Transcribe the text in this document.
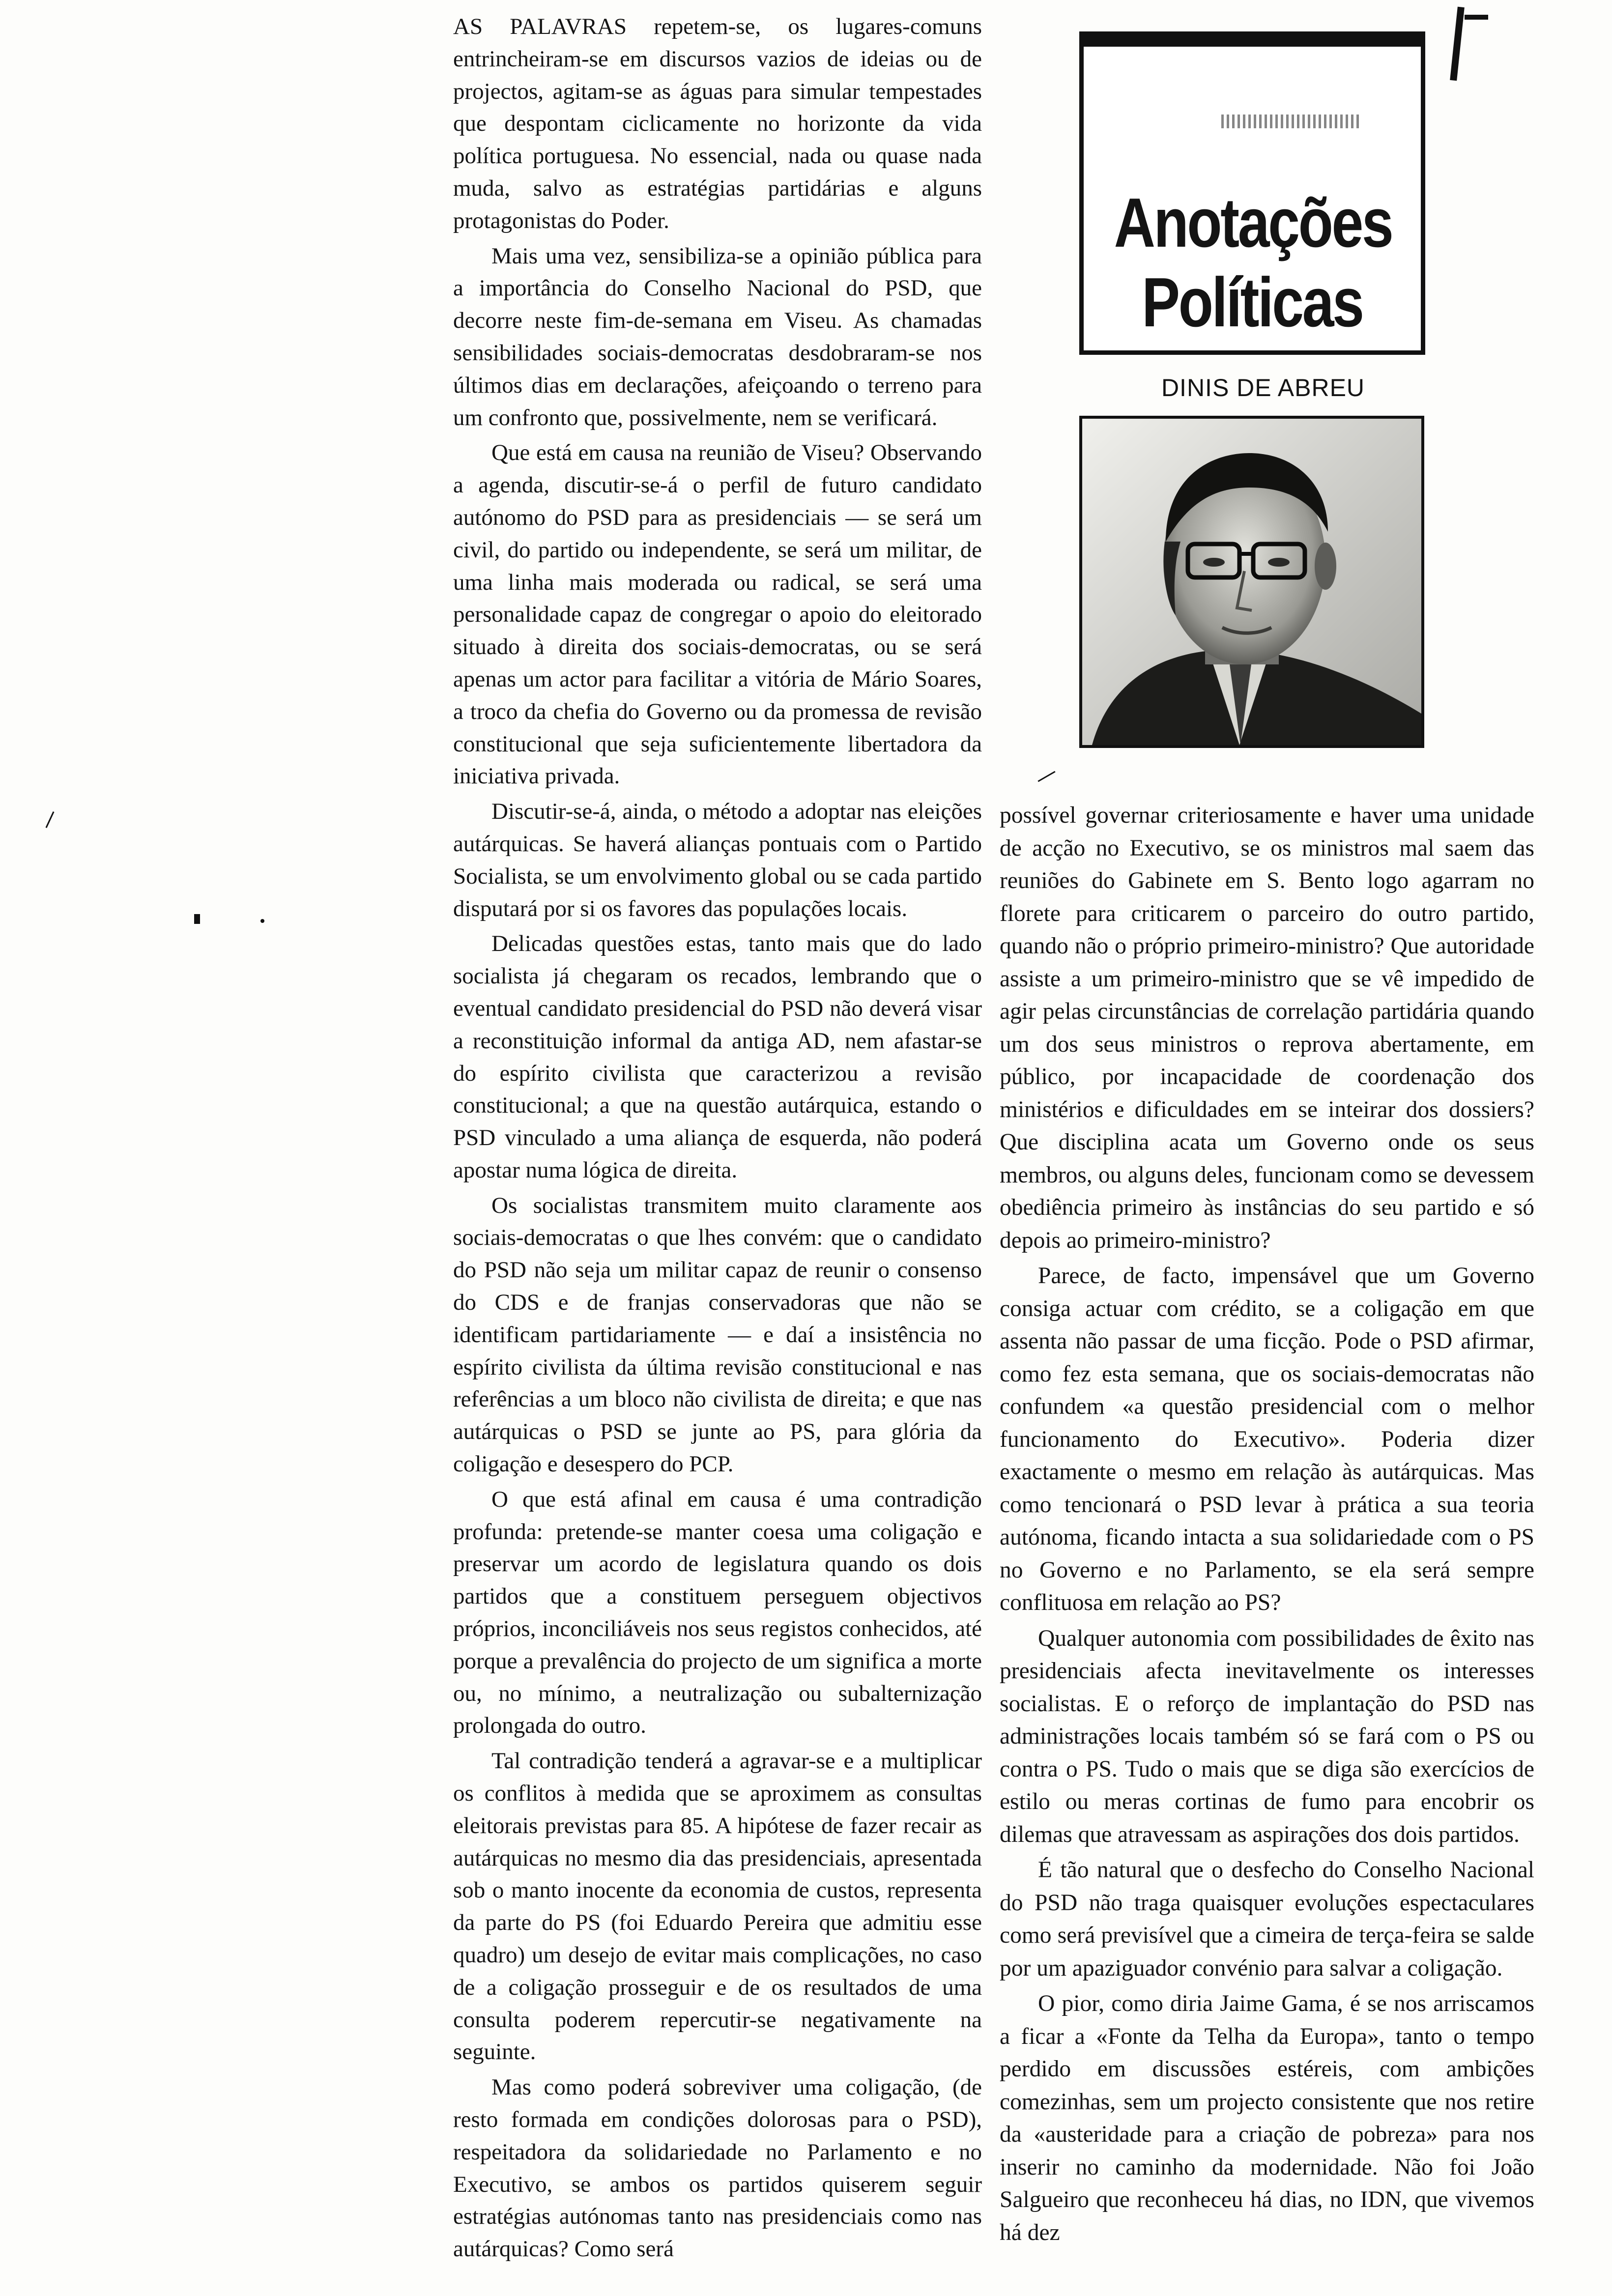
AS PALAVRAS repetem-se, os lugares-comuns entrincheiram-se em discursos vazios de ideias ou de projectos, agitam-se as águas para simular tempestades que despontam ciclicamente no horizonte da vida política portuguesa. No essencial, nada ou quase nada muda, salvo as estratégias partidárias e alguns protagonistas do Poder.

Mais uma vez, sensibiliza-se a opinião pública para a importância do Conselho Nacional do PSD, que decorre neste fim-de-semana em Viseu. As chamadas sensibilidades sociais-democratas desdobraram-se nos últimos dias em declarações, afeiçoando o terreno para um confronto que, possivelmente, nem se verificará.

Que está em causa na reunião de Viseu? Observando a agenda, discutir-se-á o perfil de futuro candidato autónomo do PSD para as presidenciais — se será um civil, do partido ou independente, se será um militar, de uma linha mais moderada ou radical, se será uma personalidade capaz de congregar o apoio do eleitorado situado à direita dos sociais-democratas, ou se será apenas um actor para facilitar a vitória de Mário Soares, a troco da chefia do Governo ou da promessa de revisão constitucional que seja suficientemente libertadora da iniciativa privada.

Discutir-se-á, ainda, o método a adoptar nas eleições autárquicas. Se haverá alianças pontuais com o Partido Socialista, se um envolvimento global ou se cada partido disputará por si os favores das populações locais.

Delicadas questões estas, tanto mais que do lado socialista já chegaram os recados, lembrando que o eventual candidato presidencial do PSD não deverá visar a reconstituição informal da antiga AD, nem afastar-se do espírito civilista que caracterizou a revisão constitucional; a que na questão autárquica, estando o PSD vinculado a uma aliança de esquerda, não poderá apostar numa lógica de direita.

Os socialistas transmitem muito claramente aos sociais-democratas o que lhes convém: que o candidato do PSD não seja um militar capaz de reunir o consenso do CDS e de franjas conservadoras que não se identificam partidariamente — e daí a insistência no espírito civilista da última revisão constitucional e nas referências a um bloco não civilista de direita; e que nas autárquicas o PSD se junte ao PS, para glória da coligação e desespero do PCP.

O que está afinal em causa é uma contradição profunda: pretende-se manter coesa uma coligação e preservar um acordo de legislatura quando os dois partidos que a constituem perseguem objectivos próprios, inconciliáveis nos seus registos conhecidos, até porque a prevalência do projecto de um significa a morte ou, no mínimo, a neutralização ou subalternização prolongada do outro.

Tal contradição tenderá a agravar-se e a multiplicar os conflitos à medida que se aproximem as consultas eleitorais previstas para 85. A hipótese de fazer recair as autárquicas no mesmo dia das presidenciais, apresentada sob o manto inocente da economia de custos, representa da parte do PS (foi Eduardo Pereira que admitiu esse quadro) um desejo de evitar mais complicações, no caso de a coligação prosseguir e de os resultados de uma consulta poderem repercutir-se negativamente na seguinte.

Mas como poderá sobreviver uma coligação, (de resto formada em condições dolorosas para o PSD), respeitadora da solidariedade no Parlamento e no Executivo, se ambos os partidos quiserem seguir estratégias autónomas tanto nas presidenciais como nas autárquicas? Como será

Anotações
Políticas
DINIS DE ABREU

possível governar criteriosamente e haver uma unidade de acção no Executivo, se os ministros mal saem das reuniões do Gabinete em S. Bento logo agarram no florete para criticarem o parceiro do outro partido, quando não o próprio primeiro-ministro? Que autoridade assiste a um primeiro-ministro que se vê impedido de agir pelas circunstâncias de correlação partidária quando um dos seus ministros o reprova abertamente, em público, por incapacidade de coordenação dos ministérios e dificuldades em se inteirar dos dossiers? Que disciplina acata um Governo onde os seus membros, ou alguns deles, funcionam como se devessem obediência primeiro às instâncias do seu partido e só depois ao primeiro-ministro?

Parece, de facto, impensável que um Governo consiga actuar com crédito, se a coligação em que assenta não passar de uma ficção. Pode o PSD afirmar, como fez esta semana, que os sociais-democratas não confundem «a questão presidencial com o melhor funcionamento do Executivo». Poderia dizer exactamente o mesmo em relação às autárquicas. Mas como tencionará o PSD levar à prática a sua teoria autónoma, ficando intacta a sua solidariedade com o PS no Governo e no Parlamento, se ela será sempre conflituosa em relação ao PS?

Qualquer autonomia com possibilidades de êxito nas presidenciais afecta inevitavelmente os interesses socialistas. E o reforço de implantação do PSD nas administrações locais também só se fará com o PS ou contra o PS. Tudo o mais que se diga são exercícios de estilo ou meras cortinas de fumo para encobrir os dilemas que atravessam as aspirações dos dois partidos.

É tão natural que o desfecho do Conselho Nacional do PSD não traga quaisquer evoluções espectaculares como será previsível que a cimeira de terça-feira se salde por um apaziguador convénio para salvar a coligação.

O pior, como diria Jaime Gama, é se nos arriscamos a ficar a «Fonte da Telha da Europa», tanto o tempo perdido em discussões estéreis, com ambições comezinhas, sem um projecto consistente que nos retire da «austeridade para a criação de pobreza» para nos inserir no caminho da modernidade. Não foi João Salgueiro que reconheceu há dias, no IDN, que vivemos há dez
